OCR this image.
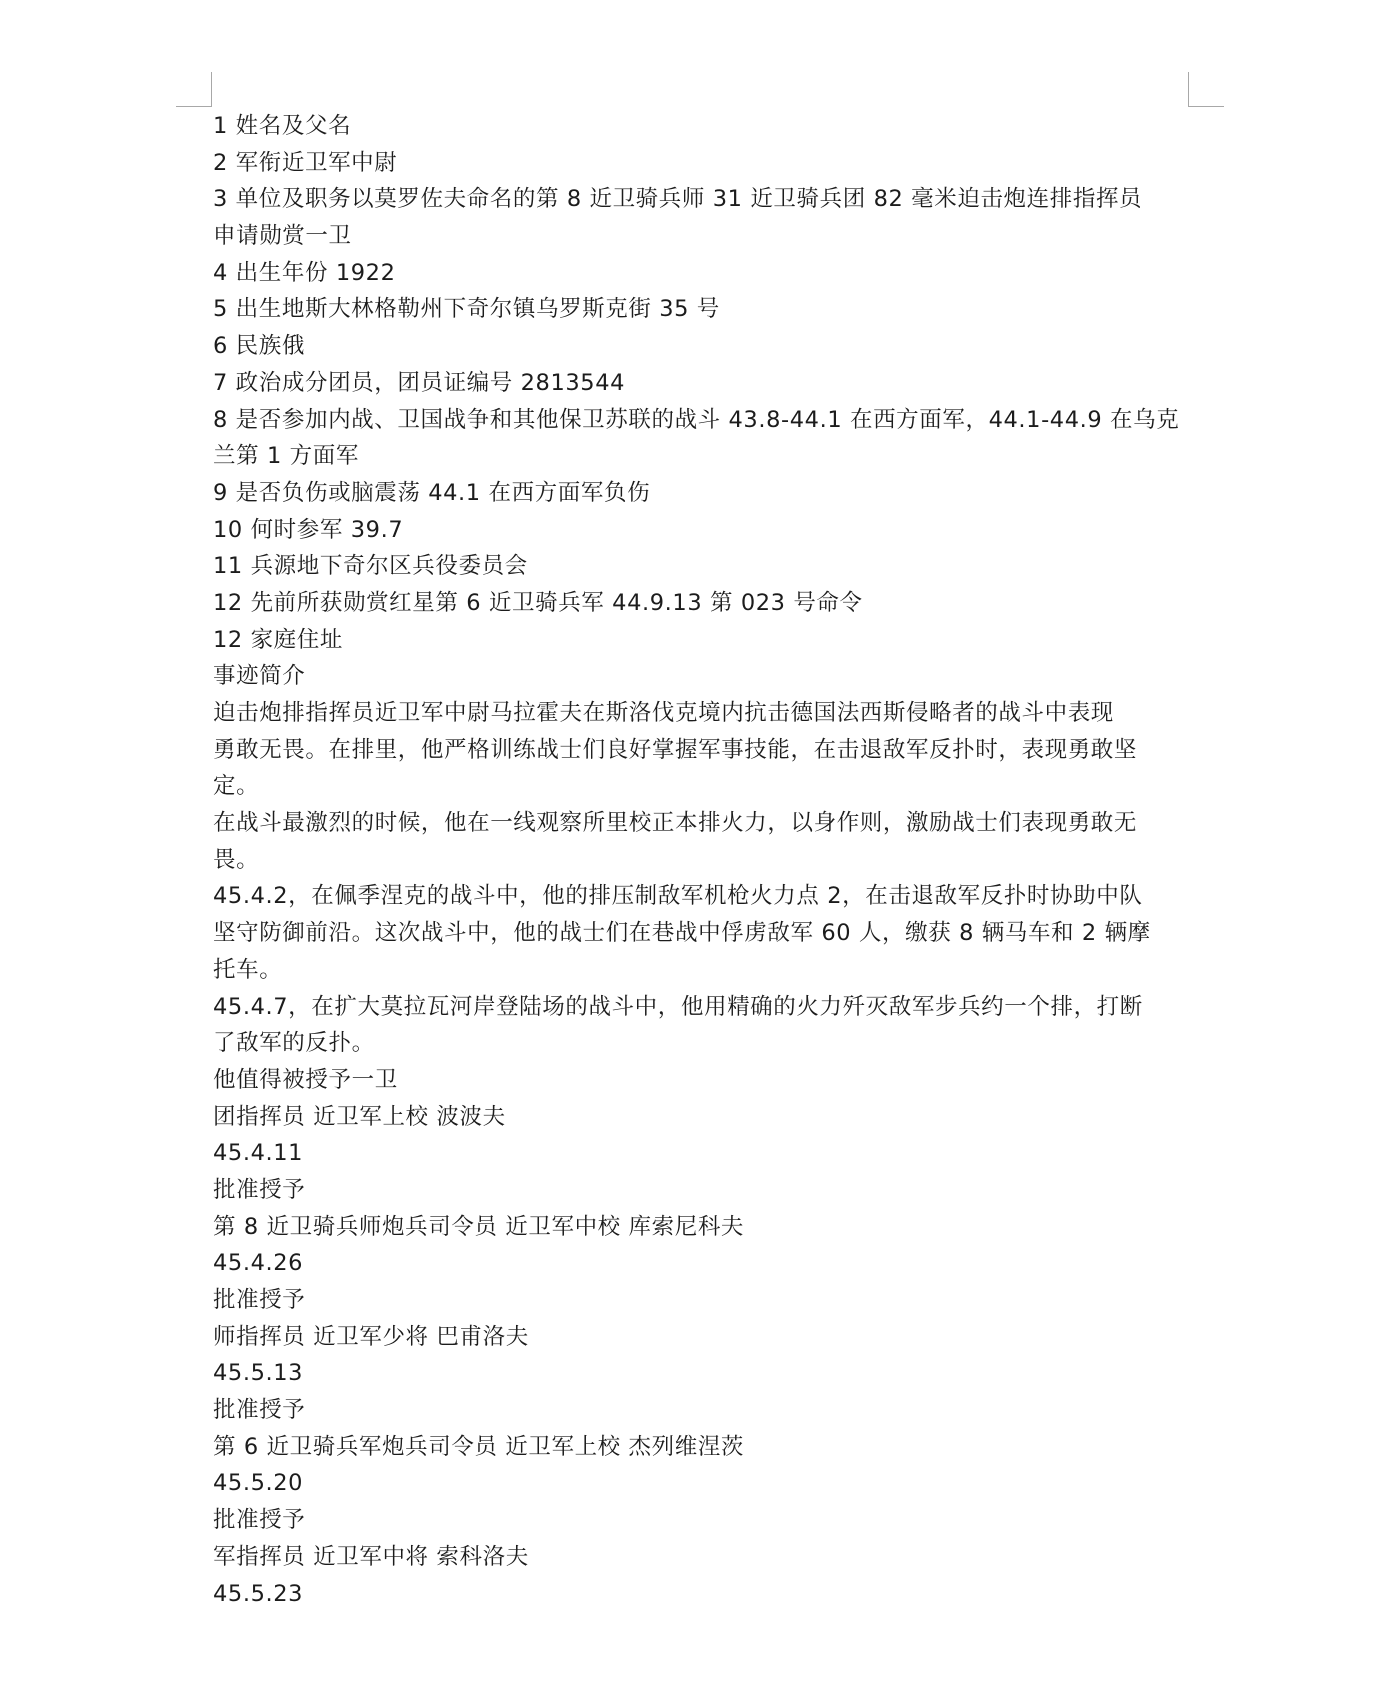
1 姓名及父名
2 军衔近卫军中尉
3 单位及职务以莫罗佐夫命名的第 8 近卫骑兵师 31 近卫骑兵团 82 毫米迫击炮连排指挥员
申请勋赏一卫
4 出生年份 1922
5 出生地斯大林格勒州下奇尔镇乌罗斯克街 35 号
6 民族俄
7 政治成分团员，团员证编号 2813544
8 是否参加内战、卫国战争和其他保卫苏联的战斗 43.8-44.1 在西方面军，44.1-44.9 在乌克
兰第 1 方面军
9 是否负伤或脑震荡 44.1 在西方面军负伤
10 何时参军 39.7
11 兵源地下奇尔区兵役委员会
12 先前所获勋赏红星第 6 近卫骑兵军 44.9.13 第 023 号命令
12 家庭住址
事迹简介
迫击炮排指挥员近卫军中尉马拉霍夫在斯洛伐克境内抗击德国法西斯侵略者的战斗中表现
勇敢无畏。在排里，他严格训练战士们良好掌握军事技能，在击退敌军反扑时，表现勇敢坚
定。
在战斗最激烈的时候，他在一线观察所里校正本排火力，以身作则，激励战士们表现勇敢无
畏。
45.4.2，在佩季涅克的战斗中，他的排压制敌军机枪火力点 2，在击退敌军反扑时协助中队
坚守防御前沿。这次战斗中，他的战士们在巷战中俘虏敌军 60 人，缴获 8 辆马车和 2 辆摩
托车。
45.4.7，在扩大莫拉瓦河岸登陆场的战斗中，他用精确的火力歼灭敌军步兵约一个排，打断
了敌军的反扑。
他值得被授予一卫
团指挥员 近卫军上校 波波夫
45.4.11
批准授予
第 8 近卫骑兵师炮兵司令员 近卫军中校 库索尼科夫
45.4.26
批准授予
师指挥员 近卫军少将 巴甫洛夫
45.5.13
批准授予
第 6 近卫骑兵军炮兵司令员 近卫军上校 杰列维涅茨
45.5.20
批准授予
军指挥员 近卫军中将 索科洛夫
45.5.23
